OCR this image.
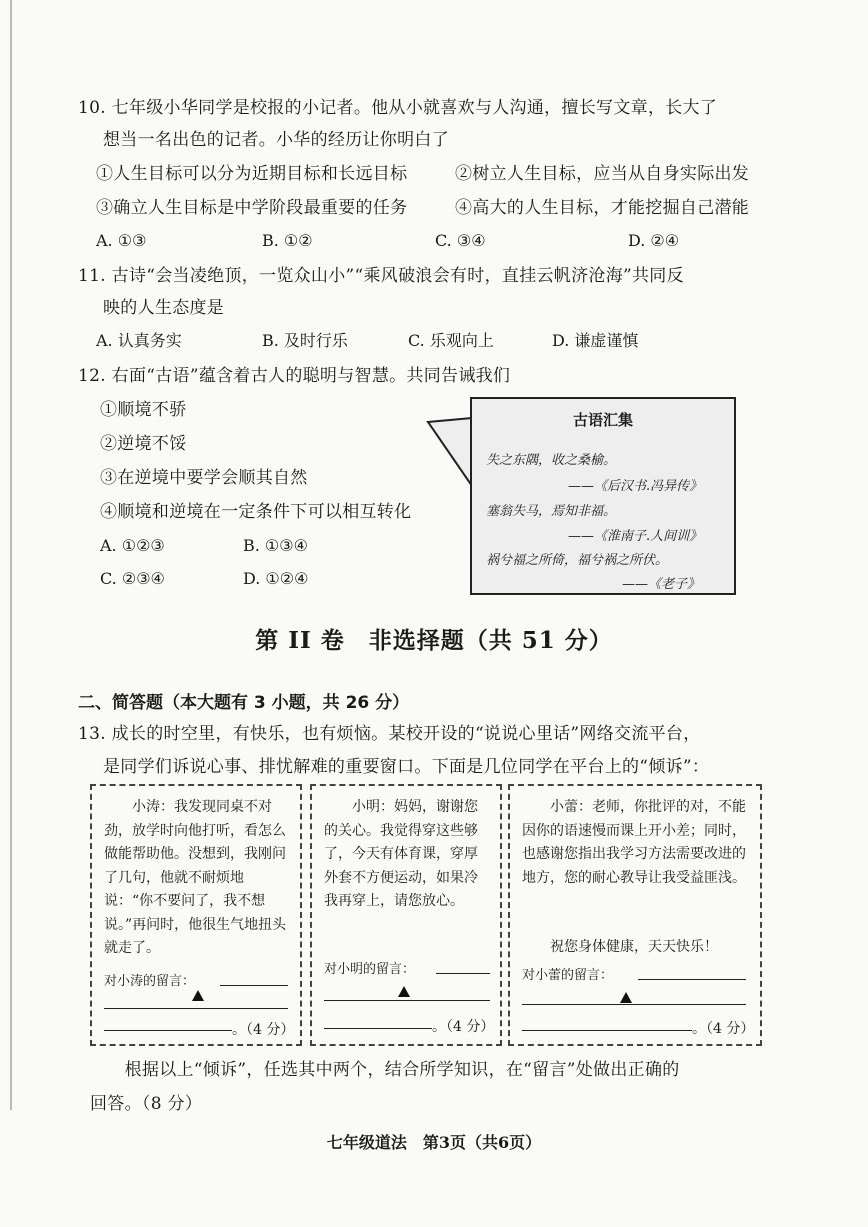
10. 七年级小华同学是校报的小记者。他从小就喜欢与人沟通，擅长写文章，长大了
想当一名出色的记者。小华的经历让你明白了
①人生目标可以分为近期目标和长远目标	②树立人生目标，应当从自身实际出发
③确立人生目标是中学阶段最重要的任务	④高大的人生目标，才能挖掘自己潜能
A. ①③	B. ①②	C. ③④	D. ②④
11. 古诗“会当凌绝顶，一览众山小”“乘风破浪会有时，直挂云帆济沧海”共同反
映的人生态度是
A. 认真务实	B. 及时行乐	C. 乐观向上	D. 谦虚谨慎
12. 右面“古语”蕴含着古人的聪明与智慧。共同告诫我们
①顺境不骄
②逆境不馁
③在逆境中要学会顺其自然
④顺境和逆境在一定条件下可以相互转化
A. ①②③	B. ①③④
C. ②③④	D. ①②④
古语汇集
失之东隅，收之桑榆。
——《后汉书.冯异传》
塞翁失马，焉知非福。
——《淮南子.人间训》
祸兮福之所倚，福兮祸之所伏。
——《老子》
第 II 卷　非选择题（共 51 分）
二、简答题（本大题有 3 小题，共 26 分）
13. 成长的时空里，有快乐，也有烦恼。某校开设的“说说心里话”网络交流平台，
是同学们诉说心事、排忧解难的重要窗口。下面是几位同学在平台上的“倾诉”：
　　小涛：我发现同桌不对劲，放学时向他打听，看怎么做能帮助他。没想到，我刚问了几句，他就不耐烦地说：“你不要问了，我不想说。”再问时，他很生气地扭头就走了。
对小涛的留言：
。（4 分）
　　小明：妈妈，谢谢您的关心。我觉得穿这些够了，今天有体育课，穿厚外套不方便运动，如果冷我再穿上，请您放心。
对小明的留言：
。（4 分）
　　小蕾：老师，你批评的对，不能因你的语速慢而课上开小差；同时，也感谢您指出我学习方法需要改进的地方，您的耐心教导让我受益匪浅。
　　祝您身体健康，天天快乐！
对小蕾的留言：
。（4 分）
　　根据以上“倾诉”，任选其中两个，结合所学知识，在“留言”处做出正确的
回答。（8 分）
七年级道法　第3页（共6页）
